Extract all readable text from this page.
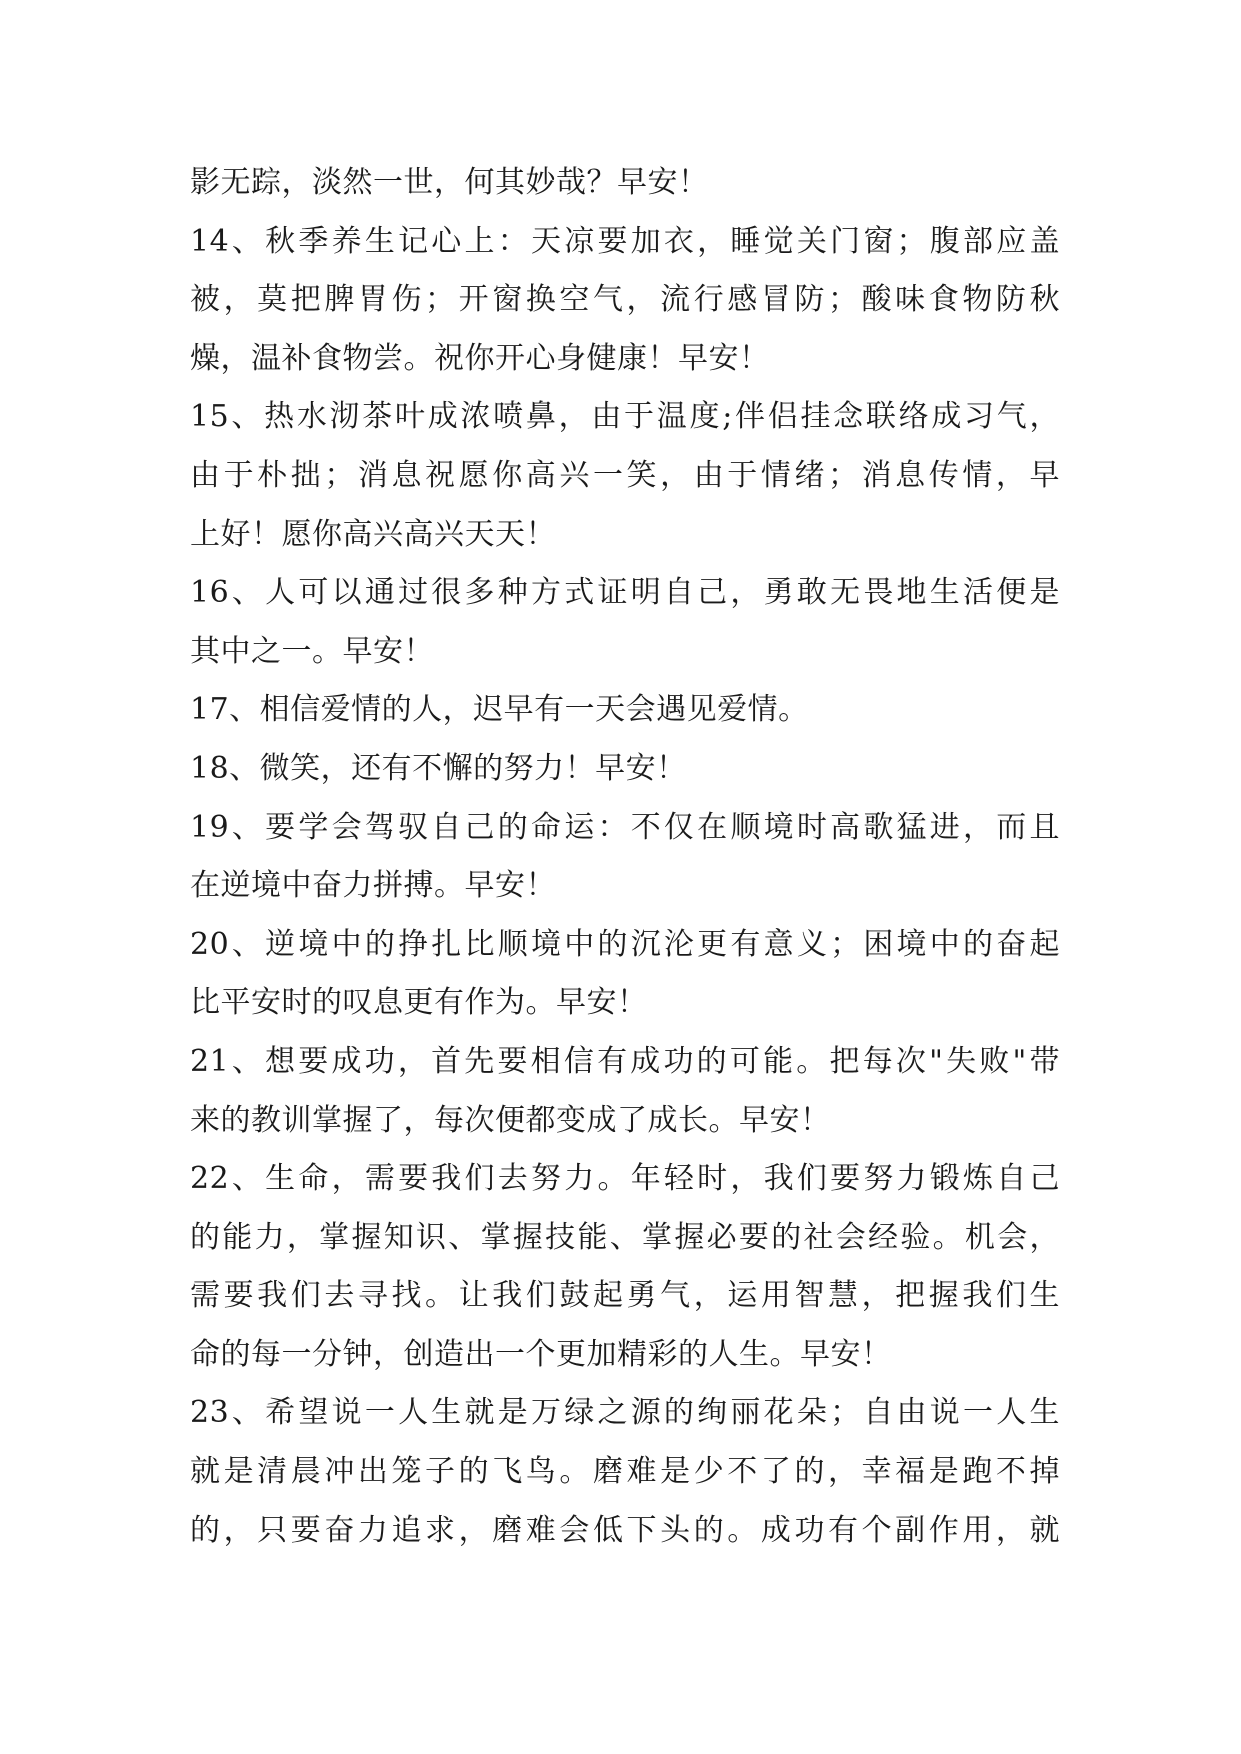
影无踪，淡然一世，何其妙哉？早安！
14、秋季养生记心上：天凉要加衣，睡觉关门窗；腹部应盖
被，莫把脾胃伤；开窗换空气，流行感冒防；酸味食物防秋
燥，温补食物尝。祝你开心身健康！早安！
15、热水沏茶叶成浓喷鼻，由于温度;伴侣挂念联络成习气，
由于朴拙；消息祝愿你高兴一笑，由于情绪；消息传情，早
上好！愿你高兴高兴天天！
16、人可以通过很多种方式证明自己，勇敢无畏地生活便是
其中之一。早安！
17、相信爱情的人，迟早有一天会遇见爱情。
18、微笑，还有不懈的努力！早安！
19、要学会驾驭自己的命运：不仅在顺境时高歌猛进，而且
在逆境中奋力拼搏。早安！
20、逆境中的挣扎比顺境中的沉沦更有意义；困境中的奋起
比平安时的叹息更有作为。早安！
21、想要成功，首先要相信有成功的可能。把每次"失败"带
来的教训掌握了，每次便都变成了成长。早安！
22、生命，需要我们去努力。年轻时，我们要努力锻炼自己
的能力，掌握知识、掌握技能、掌握必要的社会经验。机会，
需要我们去寻找。让我们鼓起勇气，运用智慧，把握我们生
命的每一分钟，创造出一个更加精彩的人生。早安！
23、希望说一人生就是万绿之源的绚丽花朵；自由说一人生
就是清晨冲出笼子的飞鸟。磨难是少不了的，幸福是跑不掉
的，只要奋力追求，磨难会低下头的。成功有个副作用，就
